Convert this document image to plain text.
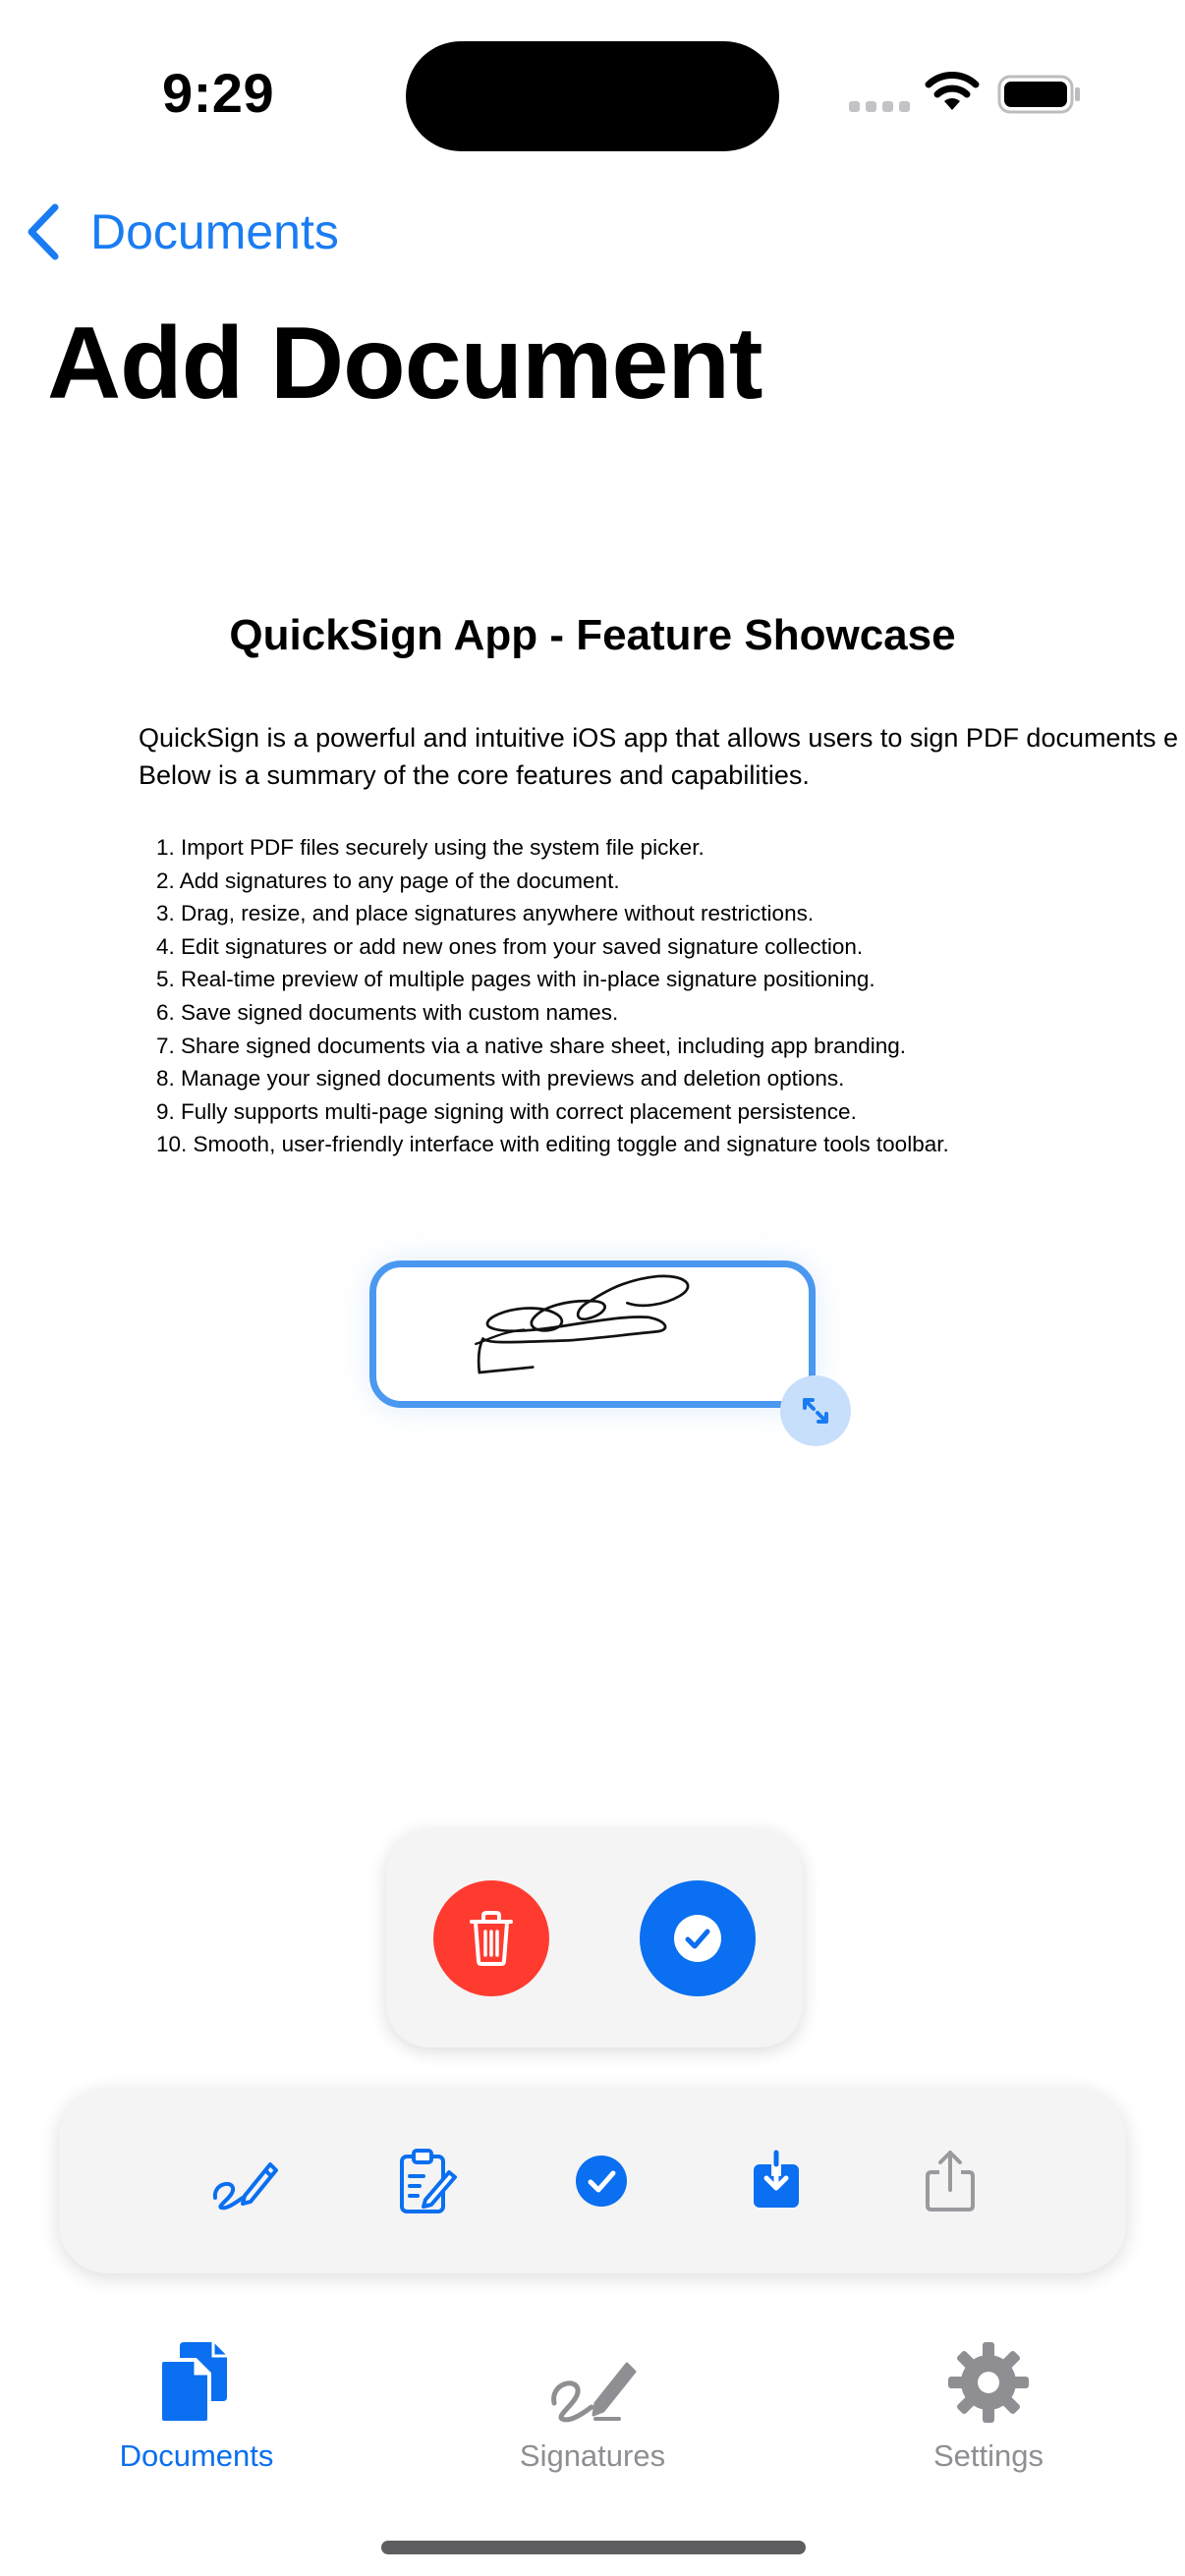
9:29
Documents
Add Document
QuickSign App - Feature Showcase
QuickSign is a powerful and intuitive iOS app that allows users to sign PDF documents e
Below is a summary of the core features and capabilities.
1. Import PDF files securely using the system file picker.
2. Add signatures to any page of the document.
3. Drag, resize, and place signatures anywhere without restrictions.
4. Edit signatures or add new ones from your saved signature collection.
5. Real-time preview of multiple pages with in-place signature positioning.
6. Save signed documents with custom names.
7. Share signed documents via a native share sheet, including app branding.
8. Manage your signed documents with previews and deletion options.
9. Fully supports multi-page signing with correct placement persistence.
10. Smooth, user-friendly interface with editing toggle and signature tools toolbar.
Documents	Signatures	Settings
